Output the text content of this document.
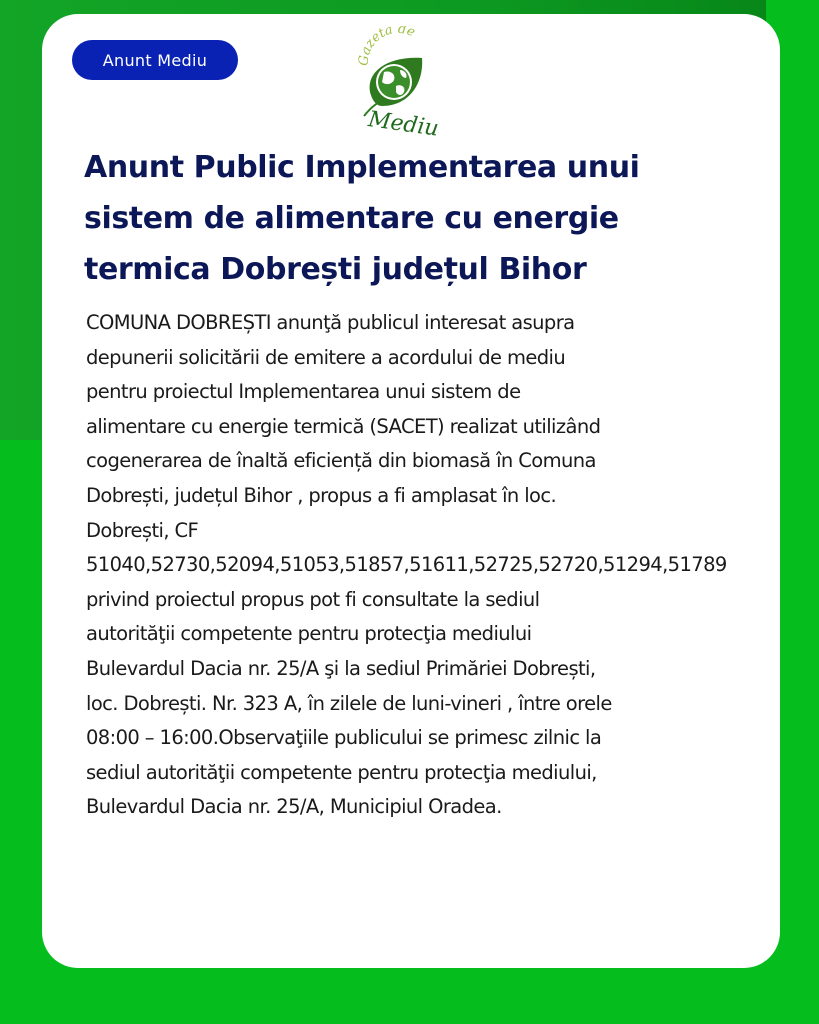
Anunt Mediu	Gazeta de
Mediu
Anunt Public Implementarea unui
sistem de alimentare cu energie
termica Dobrești județul Bihor
COMUNA DOBREȘTI anunţă publicul interesat asupra
depunerii solicitării de emitere a acordului de mediu
pentru proiectul Implementarea unui sistem de
alimentare cu energie termică (SACET) realizat utilizând
cogenerarea de înaltă eficiență din biomasă în Comuna
Dobrești, județul Bihor , propus a fi amplasat în loc.
Dobrești, CF
51040,52730,52094,51053,51857,51611,52725,52720,51294,51789
privind proiectul propus pot fi consultate la sediul
autorităţii competente pentru protecţia mediului
Bulevardul Dacia nr. 25/A şi la sediul Primăriei Dobrești,
loc. Dobrești. Nr. 323 A, în zilele de luni-vineri , între orele
08:00 – 16:00.Observaţiile publicului se primesc zilnic la
sediul autorităţii competente pentru protecţia mediului,
Bulevardul Dacia nr. 25/A, Municipiul Oradea.
